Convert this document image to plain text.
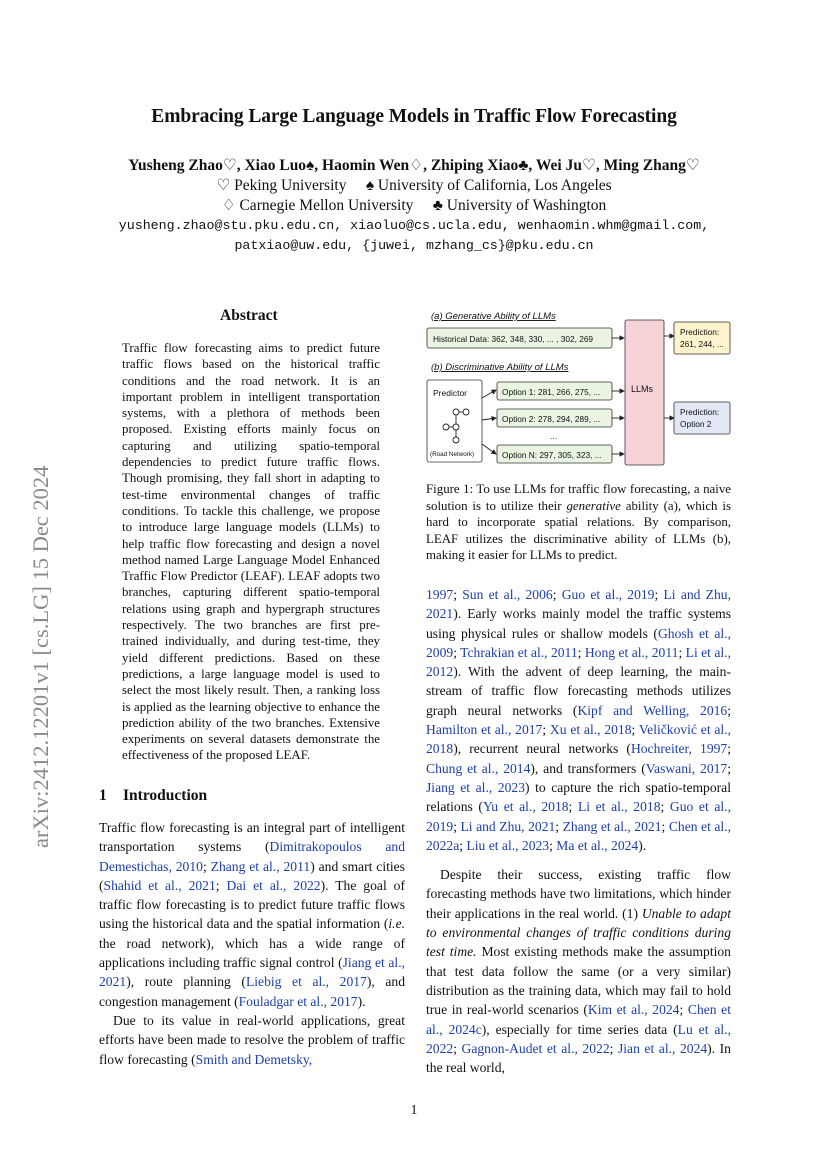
arXiv:2412.12201v1 [cs.LG] 15 Dec 2024
Embracing Large Language Models in Traffic Flow Forecasting
Yusheng Zhao♡, Xiao Luo♠, Haomin Wen♢, Zhiping Xiao♣, Wei Ju♡, Ming Zhang♡
♡ Peking University     ♠ University of California, Los Angeles
♢ Carnegie Mellon University     ♣ University of Washington
yusheng.zhao@stu.pku.edu.cn, xiaoluo@cs.ucla.edu, wenhaomin.whm@gmail.com,
patxiao@uw.edu, {juwei, mzhang_cs}@pku.edu.cn
Abstract
Traffic flow forecasting aims to predict future traffic flows based on the historical traffic conditions and the road network. It is an important problem in intelligent transportation systems, with a plethora of methods been proposed. Existing efforts mainly focus on capturing and utilizing spatio-temporal dependencies to predict future traffic flows. Though promising, they fall short in adapting to test-time environmental changes of traffic conditions. To tackle this challenge, we propose to introduce large language models (LLMs) to help traffic flow forecasting and design a novel method named Large Language Model Enhanced Traffic Flow Predictor (LEAF). LEAF adopts two branches, capturing different spatio-temporal relations using graph and hypergraph structures respectively. The two branches are first pre-trained individually, and during test-time, they yield different predictions. Based on these predictions, a large language model is used to select the most likely result. Then, a ranking loss is applied as the learning objective to enhance the prediction ability of the two branches. Extensive experiments on several datasets demonstrate the effectiveness of the proposed LEAF.
1 Introduction

Traffic flow forecasting is an integral part of intelligent transportation systems (Dimitrakopoulos and Demestichas, 2010; Zhang et al., 2011) and smart cities (Shahid et al., 2021; Dai et al., 2022). The goal of traffic flow forecasting is to predict future traffic flows using the historical data and the spatial information (i.e. the road network), which has a wide range of applications including traffic signal control (Jiang et al., 2021), route planning (Liebig et al., 2017), and congestion management (Fouladgar et al., 2017).

Due to its value in real-world applications, great efforts have been made to resolve the problem of traffic flow forecasting (Smith and Demetsky,

1997; Sun et al., 2006; Guo et al., 2019; Li and Zhu, 2021). Early works mainly model the traffic systems using physical rules or shallow models (Ghosh et al., 2009; Tchrakian et al., 2011; Hong et al., 2011; Li et al., 2012). With the advent of deep learning, the main-stream of traffic flow forecasting methods utilizes graph neural networks (Kipf and Welling, 2016; Hamilton et al., 2017; Xu et al., 2018; Veličković et al., 2018), recurrent neural networks (Hochreiter, 1997; Chung et al., 2014), and transformers (Vaswani, 2017; Jiang et al., 2023) to capture the rich spatio-temporal relations (Yu et al., 2018; Li et al., 2018; Guo et al., 2019; Li and Zhu, 2021; Zhang et al., 2021; Chen et al., 2022a; Liu et al., 2023; Ma et al., 2024).

Despite their success, existing traffic flow forecasting methods have two limitations, which hinder their applications in the real world. (1) Unable to adapt to environmental changes of traffic conditions during test time. Most existing methods make the assumption that test data follow the same (or a very similar) distribution as the training data, which may fail to hold true in real-world scenarios (Kim et al., 2024; Chen et al., 2024c), especially for time series data (Lu et al., 2022; Gagnon-Audet et al., 2022; Jian et al., 2024). In the real world,

(a) Generative Ability of LLMs
Historical Data: 362, 348, 330, ... , 302, 269
(b) Discriminative Ability of LLMs
Predictor
(Road Network)
Option 1: 281, 266, 275, ...
Option 2: 278, 294, 289, ...
...
Option N: 297, 305, 323, ...
LLMs
Prediction:
261, 244, ...
Prediction:
Option 2
Figure 1: To use LLMs for traffic flow forecasting, a naive solution is to utilize their generative ability (a), which is hard to incorporate spatial relations. By comparison, LEAF utilizes the discriminative ability of LLMs (b), making it easier for LLMs to predict.
1
